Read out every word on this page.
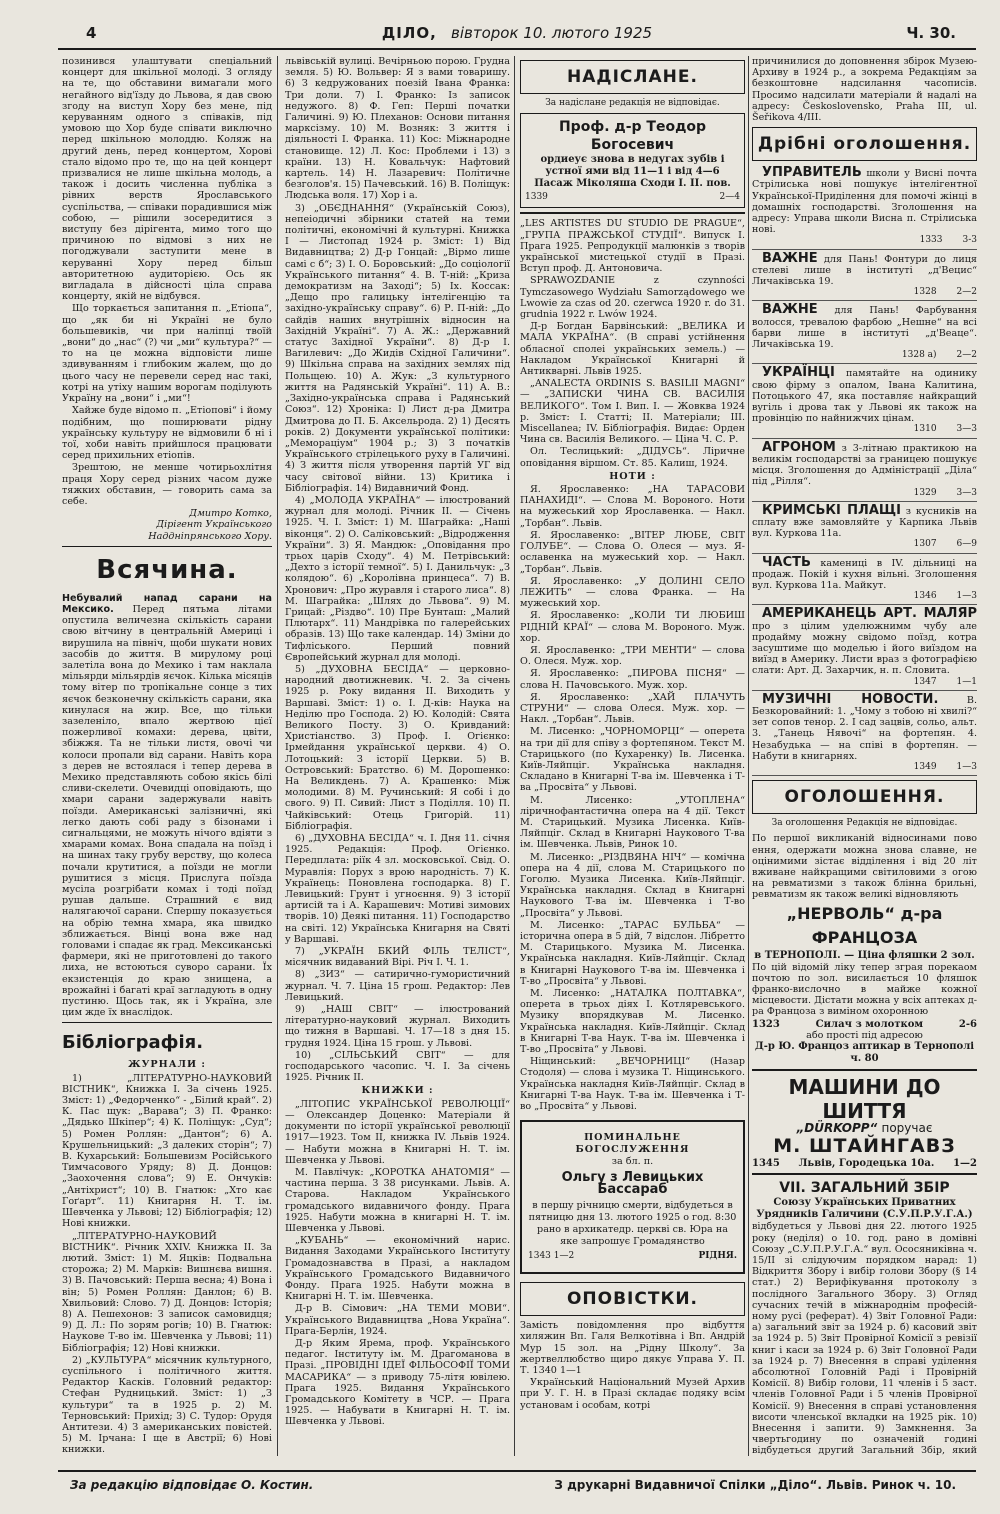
4	ДІЛО, вівторок 10. лютого 1925	Ч. 30.

позинився улаштувати спеціальний концерт для шкільної молоді. З огляду на те, що обставини вимагали мого негайного від'їзду до Львова, я дав свою згоду на виступ Хору без мене, під керуванням одного з співаків, під умовою що Хор буде співати виключно перед шкільною молоддю. Коляж на другий день, перед концертом, Хорові стало відомо про те, що на цей концерт призвалися не лише шкільна молодь, а також і досить численна публіка з рівних верств Ярославського суспільства, — співаки порадившися між собою, — рішили зосередитися з виступу без дірігента, мимо того що причиною по відмові з них не погоджували заступити мене в керуванні Хору перед більш авторитетною аудиторією. Ось як вигладала в дійсності ціла справа концерту, якій не відбувся.

Що торкається запитання п. „Етіопа“, що „як би ні Україні не було большевиків, чи при наліпці твоїй „вони“ до „нас“ (?) чи „ми“ культура?“ — то на це можна відповісти лише здивуванням і глибоким жалем, що до цього часу не перевели серед нас такі, котрі на утіху нашим ворогам поділують Україну на „вони“ і „ми“!

Хайже буде відомо п. „Етіопові“ і йому подібним, що поширювати рідну українську культуру не відмовили б ні і тої, хоби навіть прийшлося працювати серед прихильних етіопів.

Зрештою, не менше чотирьохлітня праця Хору серед різних часом дуже тяжких обставин, — говорить сама за себе.

Дмитро Котко,
Дірігент Українського Наддніпрянського Хору.
Всячина.

Небувалий напад сарани на Мексико. Перед пятьма літами опустила величезна скількість сарани свою вітчину в центральній Америці і вирушила на північ, щоби шукати нових засобів до життя. В мирулому році залетіла вона до Мехико і там наклала мільярди мільярдів яєчок. Кілька місяців тому вітер по тропікальне сонце з тих яєчок безконечну скількість сарани, яка кинулася на жир. Все, що тільки зазеленіло, впало жертвою цієї пожерливої комахи: дерева, цвіти, збіжжя. Та не тільки листя, овочі чи колоси пропали від сарани. Навіть кора з дерев не встоялася і тепер дерева в Мехико представляють собою якісь білі сливи-скелети. Очевидці оповідають, що хмари сарани задержували навіть поїзди. Американські залізничні, які легко дають собі раду з бізонами і сигнальцями, не можуть нічого вдіяти з хмарами комах. Вона спадала на поїзд і на шинах таку грубу верству, що колеса почали крутитися, а поїзди не могли рушитися з місця. Прислуга поїзда мусіла розгрібати комах і тоді поїзд рушав дальше. Страшний є вид налягаючої сарани. Спершу показується на обрію темна хмара, яка швидко зближається. Вінці вона вже над головами і спадає як град. Мексиканські фармери, які не приготовлені до такого лиха, не встоються суворо сарани. Їх екзистенція до краю знищена, а врожайні і багаті краї загладують в одну пустиню. Щось так, як і Україна, зле цим жде їх внаслідок.

Бібліографія.
ЖУРНАЛИ :

1) „ЛІТЕРАТУРНО-НАУКОВИЙ ВІСТНИК“, Книжка І. За січень 1925. Зміст: 1) „Федорченко“ - „Білий край“. 2) К. Пас щук: „Варава“; 3) П. Франко: „Дядько Шкіпер“; 4) К. Поліщук: „Суд“; 5) Ромен Роллян: „Дантон“; 6) А. Крушельницький: „З далеких сторін“; 7) В. Кухарський: Большевизм Російського Тимчасового Уряду; 8) Д. Донцов: „Заохочення слова“; 9) Е. Ончуків: „Антіхрист“; 10) В. Гнатюк: „Хто кає Гоґарт“. 11) Книгарня Н. Т. ім. Шевченка у Львові; 12) Бібліографія; 12) Нові книжки.

„ЛІТЕРАТУРНО-НАУКОВИЙ ВІСТНИК“. Річник XXIV. Книжка II. За лютий. Зміст: 1) М. Яцків: Подвальна сторожа; 2) М. Марків: Вишнєва вишня. 3) В. Пачовський: Перша весна; 4) Вона і він; 5) Ромен Роллян: Данлон; 6) В. Хвильовий: Слово. 7) Д. Донцов: Історія; 8) А. Пешехонов: З записок самовидця; 9) Д. Л.: По зорям рогів; 10) В. Гнатюк: Наукове Т-во ім. Шевченка у Львові; 11) Бібліографія; 12) Нові книжки.

2) „КУЛЬТУРА“ місячник культурного, суспільного і політичного життя. Редактор Касків. Головний редактор: Стефан Рудницький. Зміст: 1) „З культури“ та в 1925 р. 2) М. Терновський: Прихід; 3) С. Тудор: Орудя Антитези. 4) З американських повістей. 5) М. Ірчана: І ще в Австрії; 6) Нові книжки.

львівській вулиці. Вечірньою порою. Грудна земля. 5) Ю. Вольвер: Я з вами товаришу. 6) З кедружованих поезій Івана Франка: Три доли. 7) І. Франко: Із записок недужого. 8) Ф. Геп: Перші початки Галичині. 9) Ю. Плеханов: Основи питання марксізму. 10) М. Возняк: З життя і діяльності І. Франка. 11) Кос: Міжнародне становище. 12) Л. Кос: Проблеми і 13) з країни. 13) Н. Ковальчук: Нафтовий картель. 14) Н. Лазаревич: Політичне безголов'я. 15) Пачевський. 16) В. Поліщук: Людська воля. 17) Хор і а.

3) „ОБЄДНАННЯ“ (Українській Союз), непеіодичні збірники статей на теми політичні, економічні й культурні. Книжка I — Листопад 1924 р. Зміст: 1) Від Видавництва; 2) Д-р Гонцай: „Вірмо лише самі с б“; 3) I. О. Боровський: „До соціології Українського питання“ 4. В. Т-ній: „Криза демократизм на Заході“; 5) Іх. Коссак: „Дещо про галицьку інтелігенцію та західно-українську справу“. 6) Р. П-ній: „До сайдів наших внутрішніх відносин на Західній Україні“. 7) А. Ж.: „Державний статус Західної України“. 8) Д-р І. Вагилевич: „До Жидів Східної Галичини“. 9) Шкільна справа на західних землях під Польщею. 10) А. Жук: „З культурного життя на Радянській Україні“. 11) А. В.: „Західно-українська справа і Радянський Союз“. 12) Хроніка: І) Лист д-ра Дмитра Дмитрова до П. Б. Аксельрода. 2) 1) Десять років. 2) Документи української політики: „Мемораціум“ 1904 р.; 3) З початків Українського стрілецького руху в Галичині. 4) З життя після утворення партій УГ від часу світової війни. 13) Критика і Бібліографія. 14) Видавничий Фонд.

4) „МОЛОДА УКРАЇНА“ — ілюстрований журнал для молоді. Річник II. — Січень 1925. Ч. I. Зміст: 1) М. Шаграйка: „Наші віконця“. 2) О. Саліковський: „Відродження України“. 3) Я. Мандюк: „Оповідання про трьох царів Сходу“. 4) М. Петрівський: „Дехто з історії темної“. 5) І. Данильчук: „З колядою“. 6) „Королівна принцеса“. 7) В. Хронович: „Про журавля і старого лиса“. 8) М. Шаграйка: „Шлях до Львова“. 9) М. Грицай: „Різдво“. 10) Пре Бунташ: „Малий Плютарх“. 11) Мандрівка по галерейських образів. 13) Що таке календар. 14) Зміни до Тифліського. Перший повний Європейський журнал для молоді.

5) „ДУХОВНА БЕСІДА“ — церковно-народний двотижневик. Ч. 2. За січень 1925 р. Року видання ІІ. Виходить у Варшаві. Зміст: 1) о. І. Д-ків: Наука на Неділю про Господа. 2) Ю. Колодій: Свята Великого Посту. 3) О. Кривданий: Христіанство. 3) Проф. І. Огієнко: Ірмейдання української церкви. 4) О. Лотоцький: З історії Церкви. 5) В. Островський: Братство. 6) М. Дорошенко: На Великдень. 7) А. Крашенко: Між молодими. 8) М. Ручинський: Я собі і до свого. 9) П. Сивий: Лист з Поділля. 10) П. Чайківський: Отець Григорій. 11) Бібліографія.

6) „ДУХОВНА БЕСІДА“ ч. І. Дня 11. січня 1925. Редакція: Проф. Огієнко. Передплата: ріїк 4 зл. московської. Свід. О. Муравлія: Порух з врою народність. 7) К. Українець: Поновлена господарка. 8) Г. Левицький: Грунт і угноєння. 9) З історії артисій та і А. Карашевич: Мотиві зимових творів. 10) Деякі питання. 11) Господарство на світі. 12) Українська Книгарня на Святі у Варшаві.

7) „УКРАЇН БКИЙ ФІЛЬ ТЕЛІСТ“, місячник видаваний Вірі. Річ І. Ч. 1.

8) „ЗИЗ“ — сатирично-гумористичний журнал. Ч. 7. Ціна 15 грош. Редактор: Лев Левицький.

9) „НАШ СВІТ“ — ілюстрований літературно-науковий журнал. Виходить що тижня в Варшаві. Ч. 17—18 з дня 15. грудня 1924. Ціна 15 грош. у Львові.

10) „СІЛЬСЬКИЙ СВІТ“ — для господарського часопис. Ч. І. За січень 1925. Річник ІІ.

КНИЖКИ :

„ЛІТОПИС УКРАЇНСЬКОЇ РЕВОЛЮЦІЇ“ — Олександер Доценко: Матеріали й документи по історії української революції 1917—1923. Том ІІ, книжка ІV. Львів 1924. — Набути можна в Книгарні Н. Т. ім. Шевченка у Львові.

М. Павлічук: „КОРОТКА АНАТОМІЯ“ — частина перша. З 38 рисунками. Львів. А. Старова. Накладом Українського громадського видавничого фонду. Прага 1925. Набути можна в книгарні Н. Т. ім. Шевченка у Львові.

„КУБАНЬ“ — економічний нарис. Видання Заходами Українського Інституту Громадознавства в Празі, а накладом Українського Громадського Видавничого Фонду. Прага 1925. Набути можна в Книгарні Н. Т. ім. Шевченка.

Д-р В. Сімович: „НА ТЕМИ МОВИ“. Українського Видавництва „Нова Україна“. Прага-Берлін, 1924.

Д-р Яким Ярема, проф. Українського педагог. Інституту ім. М. Драгоманова в Празі. „ПРОВІДНІ ІДЕЇ ФІЛЬОСОФІЇ ТОМИ МАСАРИКА“ — з приводу 75-літя ювілею. Прага 1925. Видання Українського Громадського Комітету в ЧСР. — Прага 1925. — Набувати в Книгарні Н. Т. ім. Шевченка у Львові.

НАДІСЛАНЕ.
За надіслане редакція не відповідає.
Проф. д-р Теодор Богосевич
ордиеує знова в недугах зубів і устної ями від 11—1 і від 4—6
Пасаж Міколяша Сходи І. ІІ. пов.
1339	2—4

„LES ARTISTES DU STUDIO DE PRAGUE“, „ГРУПА ПРАЖСЬКОЇ СТУДІЇ“. Випуск І. Прага 1925. Репродукції малюнків з творів української мистецької студії в Празі. Вступ проф. Д. Антоновича.

SPRAWOZDANIE z czynności Tymczasowego Wydziału Samorządowego we Lwowie za czas od 20. czerwca 1920 r. do 31. grudnia 1922 r. Lwów 1924.

Д-р Богдан Барвінський: „ВЕЛИКА И МАЛА УКРАЇНА“. (В справі устійнення обласної сполеі українських земель.) — Накладом Української Книгарні й Антикварні. Львів 1925.

„ANALECTA ORDINIS S. BASILII MAGNI“ — „ЗАПИСКИ ЧИНА СВ. ВАСИЛІЯ ВЕЛИКОГО“. Том I. Вип. I. — Жовква 1924 р. Зміст: I. Статті; II. Матеріали; III. Miscellanea; IV. Бібліографія. Видає: Орден Чина св. Василія Великого. — Ціна Ч. С. Р.

Ол. Теслицький: „ДІДУСЬ“. Ліричне оповідання віршом. Ст. 85. Калиш, 1924.

НОТИ :

Я. Ярославенко: „НА ТАРАСОВИ ПАНАХИДІ“. — Слова М. Вороного. Ноти на мужеський хор Ярославенка. — Накл. „Торбан“. Львів.

Я. Ярославенко: „ВІТЕР ЛЮБЕ, СВІТ ГОЛУБЕ“. — Слова О. Олеся — муз. Я-ославенка на мужеський хор. — Накл. „Торбан“. Львів.

Я. Ярославенко: „У ДОЛИНІ СЕЛО ЛЕЖИТЬ“ — слова Франка. — На мужеський хор.

Я. Ярославенко: „КОЛИ ТИ ЛЮБИШ РІДНІЙ КРАЇ“ — слова М. Вороного. Муж. хор.

Я. Ярославенко: „ТРИ МЕНТИ“ — слова О. Олеся. Муж. хор.

Я. Ярославенко: „ПИРОВА ПІСНЯ“ — слова Н. Пачовського. Муж. хор.

Я. Ярославенко: „ХАЙ ПЛАЧУТЬ СТРУНИ“ — слова Олеся. Муж. хор. — Накл. „Торбан“. Львів.

М. Лисенко: „ЧОРНОМОРЦІ“ — оперета на три дії для співу з фортепяном. Текст М. Старицького (по Кухаренку) Ів. Лисенка. Київ-Ляйпціг. Українська накладня. Складано в Книгарні Т-ва ім. Шевченка і Т-ва „Просвіта“ у Львові.

М. Лисенко: „УТОПЛЕНА“ ліричнофантастична опера на 4 дії. Текст М. Старицький. Музика Лисенка. Київ-Ляйпціг. Склад в Книгарні Наукового Т-ва ім. Шевченка. Львів, Ринок 10.

М. Лисенко: „РІЗДВЯНА НІЧ“ — комічна опера на 4 дії, слова М. Старицького по Гоголю. Музика Лисенка. Київ-Ляйпціг. Українська накладня. Склад в Книгарні Наукового Т-ва ім. Шевченка і Т-во „Просвіта“ у Львові.

М. Лисенко: „ТАРАС БУЛЬБА“ — історична опера в 5 дій, 7 відслон. Лібретто М. Старицького. Музика М. Лисенка. Українська накладня. Київ-Ляйпціг. Склад в Книгарні Наукового Т-ва ім. Шевченка і Т-во „Просвіта“ у Львові.

М. Лисенко: „НАТАЛКА ПОЛТАВКА“, оперета в трьох діях І. Котляревського. Музику впорядкував М. Лисенко. Українська накладня. Київ-Ляйпціг. Склад в Книгарні Т-ва Наук. Т-ва ім. Шевченка і Т-во „Просвіта“ у Львові.

Ніщинський: „ВЕЧОРНИЦІ“ (Назар Стодоля) — слова і музика Т. Ніщинського. Українська накладня Київ-Ляйпціг. Склад в Книгарні Т-ва Наук. Т-ва ім. Шевченка і Т-во „Просвіта“ у Львові.

ПОМИНАЛЬНЕ БОГОСЛУЖЕННЯ
за бл. п.
Ольгу з Левицьких Бассараб
в першу річницю смерти, відбудеться в пятницю дня 13. лютого 1925 о год. 8:30 рано в архикатедр. церкві св. Юра на яке запрошує Громадянство
1343 1—2	РІДНЯ.
ОПОВІСТКИ.

Замість повідомлення про відбуття хиляжин Вп. Галя Велкотівна і Вп. Андрій Мур 15 зол. на „Рідну Школу“. За жертвеллюбство щиро дякує Управа У. П. Т. 1340 1—1

Український Національний Музей Архив при У. Г. Н. в Празі складає подяку всім установам і особам, котрі

причинилися до доповнення збірок Музею-Архиву в 1924 р., а зокрема Редакціям за безкоштовне надсилання часописів. Просимо надсилати матеріали й надалі на адресу: Československo, Praha III, ul. Šeřikova 4/III.

Дрібні оголошення.

УПРАВИТЕЛЬ школи у Висні почта Стрілиська нові пошукує інтелігентної Української-Приділення для помочі жінці в домашніх господарстві. Зголошення на адресу: Управа школи Висна п. Стрілиська нові.
1333	3-3

ВАЖНЕ для Пань! Фонтури до лиця стелеві лише в інституті „д'Вецис“ Личаківська 19.
1328	2—2

ВАЖНЕ для Пань! Фарбування волосся, тревалою фарбою „Нешне“ на всі барви лише в інституті „д'Веаце“. Личаківська 19.
1328 a)	2—2

УКРАЇНЦІ памятайте на одинику свою фірму з опалом, Івана Калитина, Потоцького 47, яка поставляє найкращий вугіль і дрова так у Львові як також на провінцію по найнижчих цінам.
1310	3—3

АГРОНОМ з 3-літнаю практикою на великім господарстві за границею пошукує місця. Зголошення до Адміністрації „Діла“ під „Рілля“.
1329	3—3

КРИМСЬКІ ПЛАЩІ з кусників на сплату вже замовляйте у Карпика Львів вул. Куркова 11а.
1307	6—9

ЧАСТЬ камениці в IV. дільниці на продаж. Покій і кухня вільні. Зголошення вул. Куркова 11а. Майкут.
1346	1—3

АМЕРИКАНЕЦЬ АРТ. МАЛЯР про з цілим уделюжнимм чубу але продайму можну свідомо поїзд, котра засуштиме що моделью і його виїздом на виїзд в Америку. Листи враз з фотографією слати: Арт. Д. Захарчик, н. п. Словита.
1347	1—1

МУЗИЧНІ НОВОСТИ.	В. Безкоровайний: 1. „Чому з тобою ні хвилі?“ зет сопов тенор. 2. І сад зацвів, сольо, альт. 3. „Танець Нявочі“ на фортепян. 4. Незабудька — на співі в фортепян. — Набути в книгарнях.
1349	1—3

ОГОЛОШЕННЯ.
За оголошення Редакція не відповідає.

По першої викликаній відносинами пово ення, одержати можна знова славне, не оцінимими зістає відділення і від 20 літ вживане найкращими світиловими з огою на ревматизми з також блінна брильні, ревматизм як також великі відновляють

„НЕРВОЛЬ“ д-ра ФРАНЦОЗА
в ТЕРНОПОЛІ. — Ціна фляшки 2 зол.

По цій відомій ліку тепер зграя порекаом почтою по зол. висилається 10 фляшок франко-вислочно в майже кожної місцевости. Дістати можна у всіх аптеках д-ра Францоза з виміном охоронною

1323	Силач з молотком	2-6
або прості під адресою
Д-р Ю. Францоз аптикар в Тернополі ч. 80
МАШИНИ ДО ШИТТЯ
„DÜRKOPP“ поручає
М. ШТАЙНГАВЗ
1345 Львів, Городецька 10а. 1—2
VII. ЗАГАЛЬНИЙ ЗБІР
Союзу Українських Приватних Урядників Галичини (С.У.П.Р.У.Г.А.)

відбудеться у Львові дня 22. лютого 1925 року (неділя) о 10. год. рано в домівні Союзу „С.У.П.Р.У.Г.А.“ вул. Ососяниківна ч. 15/II зі слідуючим порядком нарад: 1) Відкриття Збору і вибір голови Збору (§ 14 стат.) 2) Верифікування протоколу з послідного Загального Збору. 3) Огляд сучасних течій в міжнароднім професій-ному русі (реферат). 4) Звіт Головної Ради: а) загальний звіт за 1924 р. б) касовий звіт за 1924 р. 5) Звіт Провірної Комісії з ревізії книг і каси за 1924 р. 6) Звіт Головної Ради за 1924 р. 7) Внесення в справі уділення абсолютної Головній Раді і Провірній Комісії. 8) Вибір голови, 11 членів і 5 заст. членів Головної Ради і 5 членів Провірної Комісії. 9) Внесення в справі установлення висоти членської вкладки на 1925 рік. 10) Внесення і запити. 9) Замкнення. За чвертьгодину по означеній годині відбудеться другий Загальний Збір, який

За редакцію відповідає О. Костин.	З друкарні Видавничої Спілки „Діло“. Львів. Ринок ч. 10.
